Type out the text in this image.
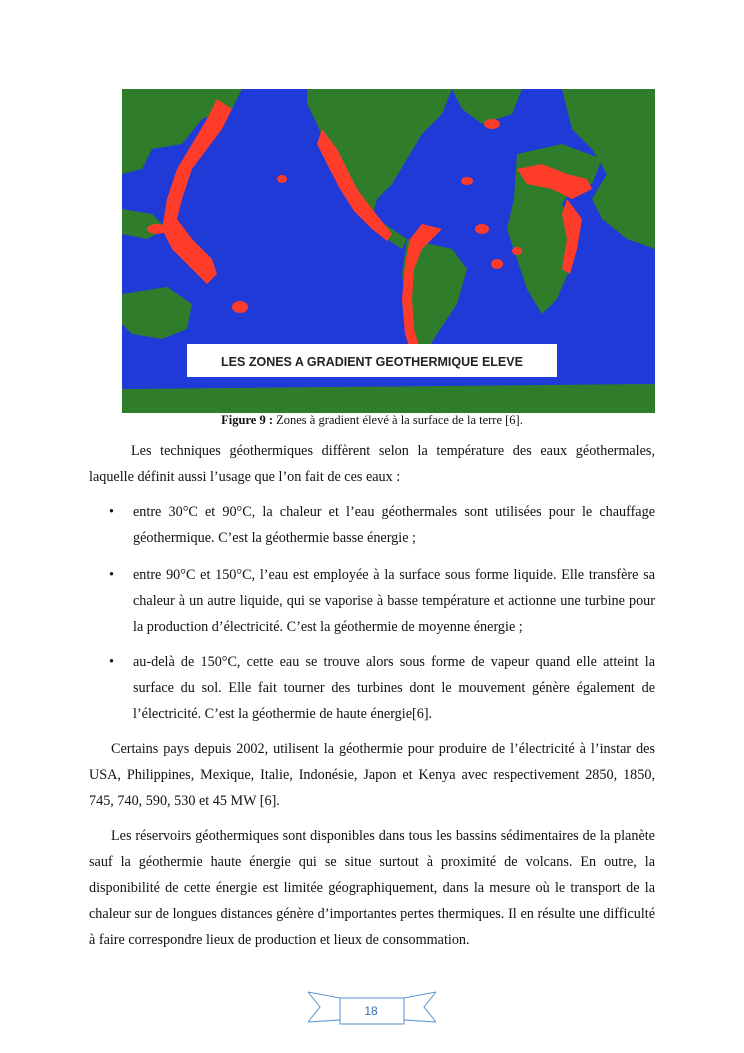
LES ZONES A GRADIENT GEOTHERMIQUE ELEVE
Figure 9 : Zones à gradient élevé à la surface de la terre [6].
Les techniques géothermiques diffèrent selon la température des eaux géothermales, laquelle définit aussi l’usage que l’on fait de ces eaux :
• entre 30°C et 90°C, la chaleur et l’eau géothermales sont utilisées pour le chauffage géothermique. C’est la géothermie basse énergie ;
• entre 90°C et 150°C, l’eau est employée à la surface sous forme liquide. Elle transfère sa chaleur à un autre liquide, qui se vaporise à basse température et actionne une turbine pour la production d’électricité. C’est la géothermie de moyenne énergie ;
• au-delà de 150°C, cette eau se trouve alors sous forme de vapeur quand elle atteint la surface du sol. Elle fait tourner des turbines dont le mouvement génère également de l’électricité. C’est la géothermie de haute énergie[6].
Certains pays depuis 2002, utilisent la géothermie pour produire de l’électricité à l’instar des USA, Philippines, Mexique, Italie, Indonésie, Japon et Kenya avec respectivement 2850, 1850, 745, 740, 590, 530 et 45 MW [6].
Les réservoirs géothermiques sont disponibles dans tous les bassins sédimentaires de la planète sauf la géothermie haute énergie qui se situe surtout à proximité de volcans. En outre, la disponibilité de cette énergie est limitée géographiquement, dans la mesure où le transport de la chaleur sur de longues distances génère d’importantes pertes thermiques. Il en résulte une difficulté à faire correspondre lieux de production et lieux de consommation.
18
